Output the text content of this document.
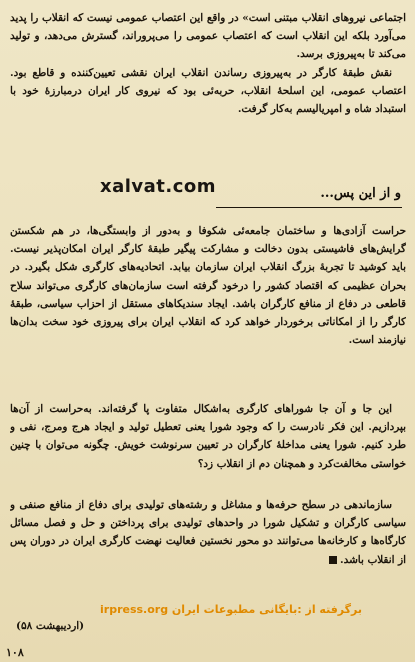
اجتماعی نیروهای انقلاب مبتنی است» در واقع این اعتصاب عمومی نیست که انقلاب را پدید می‌آورد بلکه این انقلاب است که اعتصاب عمومی را می‌پروراند، گسترش می‌دهد، و تولید می‌کند تا به‌پیروزی برسد.

نقش طبقهٔ کارگر در به‌پیروزی رساندن انقلاب ایران نقشی تعیین‌کننده و قاطع بود. اعتصاب عمومی، این اسلحهٔ انقلاب، حربه‌ئی بود که نیروی کار ایران درمبارزهٔ خود با استبداد شاه و امپریالیسم به‌کار گرفت.

xalvat.com	و از این پس...

حراست آزادی‌ها و ساختمان جامعه‌ئی شکوفا و به‌دور از وابستگی‌ها، در هم شکستن گرایش‌های فاشیستی بدون دخالت و مشارکت پیگیر طبقهٔ کارگر ایران امکان‌پذیر نیست. باید کوشید تا تجربهٔ بزرگ انقلاب ایران سازمان بیابد. اتحادیه‌های کارگری شکل بگیرد. در بحران عظیمی که اقتصاد کشور را درخود گرفته است سازمان‌های کارگری می‌تواند سلاح قاطعی در دفاع از منافع کارگران باشد. ایجاد سندیکاهای مستقل از احزاب سیاسی، طبقهٔ کارگر را از امکاناتی برخوردار خواهد کرد که انقلاب ایران برای پیروزی خود سخت بدان‌ها نیازمند است.

این جا و آن جا شوراهای کارگری به‌اشکال متفاوت پا گرفته‌اند. به‌حراست از آن‌ها بپردازیم. این فکر نادرست را که وجود شورا یعنی تعطیل تولید و ایجاد هرج ومرج، نفی و طرد کنیم. شورا یعنی مداخلهٔ کارگران در تعیین سرنوشت خویش. چگونه می‌توان با چنین خواستی مخالفت‌کرد و همچنان دم از انقلاب زد؟

سازماندهی در سطح حرفه‌ها و مشاغل و رشته‌های تولیدی برای دفاع از منافع صنفی و سیاسی کارگران و تشکیل شورا در واحدهای تولیدی برای پرداختن و حل و فصل مسائل کارگاه‌ها و کارخانه‌ها می‌توانند دو محور نخستین فعالیت نهضت کارگری ایران در دوران پس از انقلاب باشد.

برگرفته از :بایگانی مطبوعات ایران irpress.org
(اردیبهشت ۵۸)
۱۰۸
